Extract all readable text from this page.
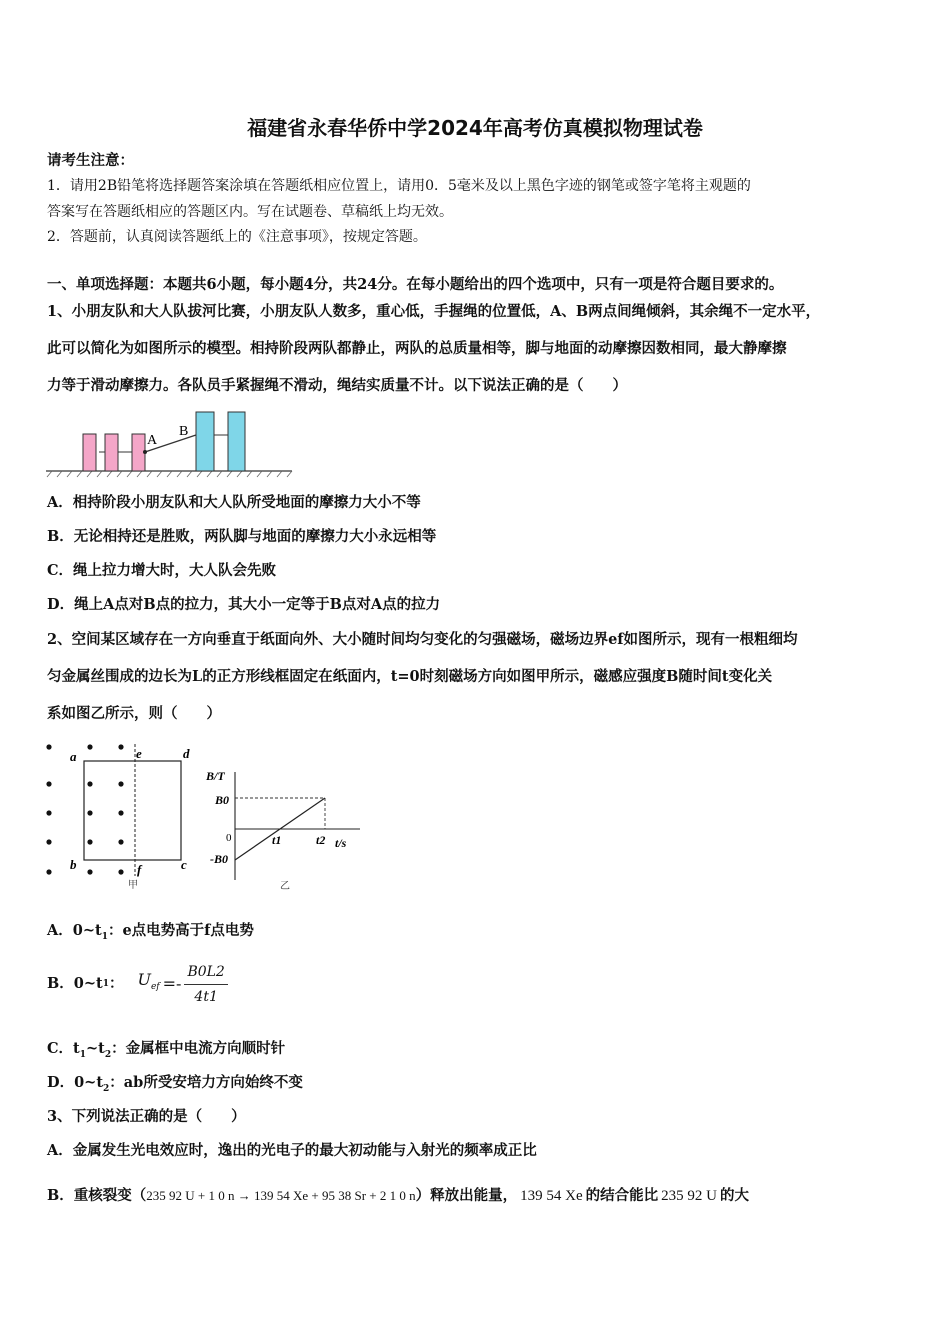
福建省永春华侨中学2024年高考仿真模拟物理试卷
请考生注意：
1．请用2B铅笔将选择题答案涂填在答题纸相应位置上，请用0．5毫米及以上黑色字迹的钢笔或签字笔将主观题的
答案写在答题纸相应的答题区内。写在试题卷、草稿纸上均无效。
2．答题前，认真阅读答题纸上的《注意事项》，按规定答题。
一、单项选择题：本题共6小题，每小题4分，共24分。在每小题给出的四个选项中，只有一项是符合题目要求的。
1、小朋友队和大人队拔河比赛，小朋友队人数多，重心低，手握绳的位置低，A、B两点间绳倾斜，其余绳不一定水平，
此可以简化为如图所示的模型。相持阶段两队都静止，两队的总质量相等，脚与地面的动摩擦因数相同，最大静摩擦
力等于滑动摩擦力。各队员手紧握绳不滑动，绳结实质量不计。以下说法正确的是（　　）
A
B
A．相持阶段小朋友队和大人队所受地面的摩擦力大小不等
B．无论相持还是胜败，两队脚与地面的摩擦力大小永远相等
C．绳上拉力增大时，大人队会先败
D．绳上A点对B点的拉力，其大小一定等于B点对A点的拉力
2、空间某区域存在一方向垂直于纸面向外、大小随时间均匀变化的匀强磁场，磁场边界ef如图所示，现有一根粗细均
匀金属丝围成的边长为L的正方形线框固定在纸面内，t=0时刻磁场方向如图甲所示，磁感应强度B随时间t变化关
系如图乙所示，则（　　）
a
b	c
d
e
f
甲
B/T
B0
0
-B0
t1	t2 t/s
乙
A．$0\sim t_1$：e点电势高于f点电势
B．0~t 1 ： $U_{ef} =- \frac{B0L2}{4t1}$
C．$t_1\sim t_2$：金属框中电流方向顺时针
D．$0\sim t_2$：ab所受安培力方向始终不变
3、下列说法正确的是（　　）
A．金属发生光电效应时，逸出的光电子的最大初动能与入射光的频率成正比
B．重核裂变（ 235 92 U + 1 0 n → 139 54 Xe + 95 38 Sr + 2 1 0 n ）释放出能量， 139 54 Xe 的结合能比 235 92 U 的大
